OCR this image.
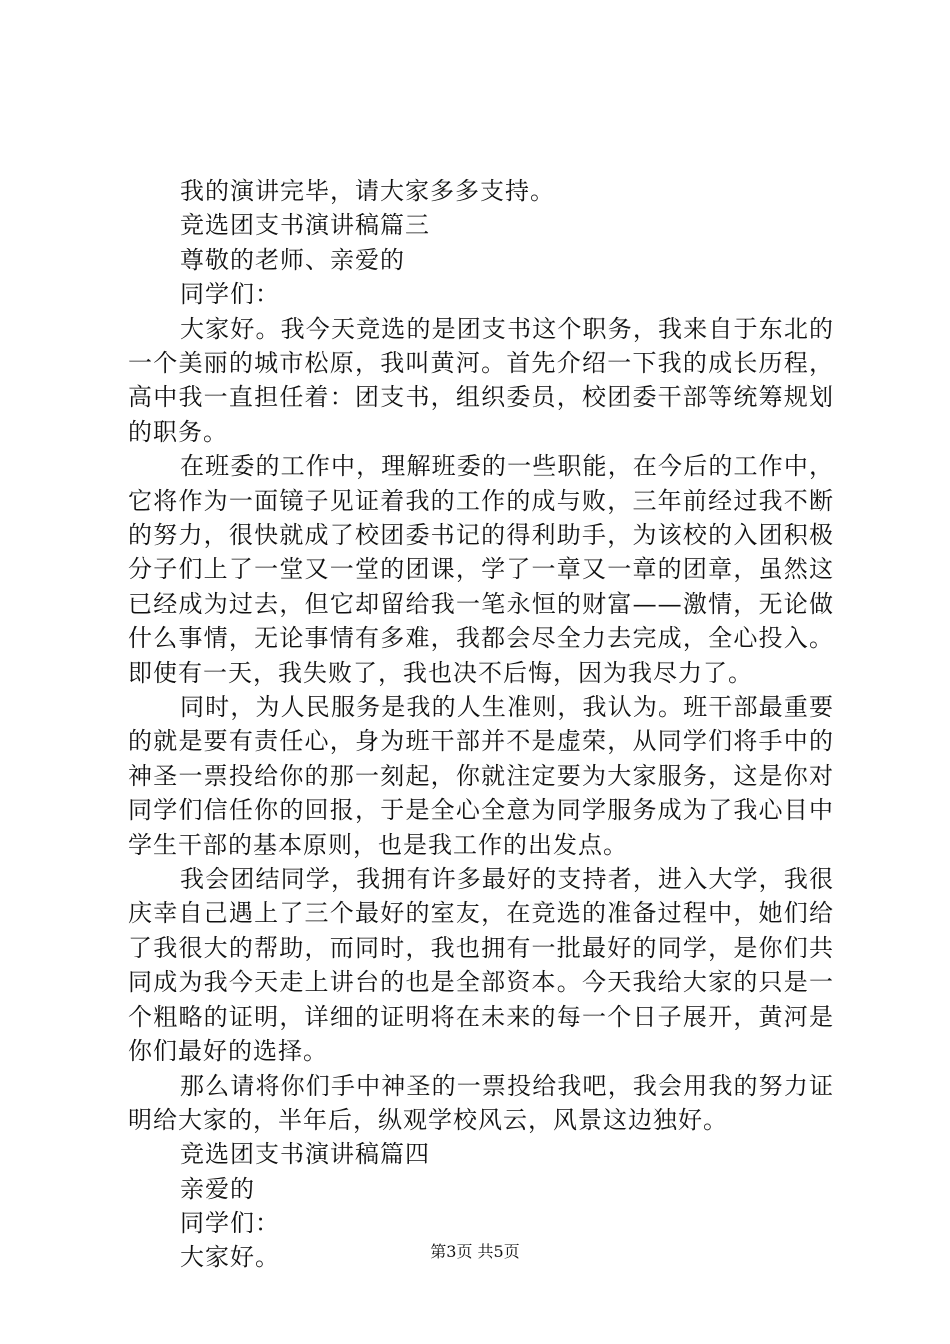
我的演讲完毕，请大家多多支持。
竞选团支书演讲稿篇三
尊敬的老师、亲爱的
同学们：
大家好。我今天竞选的是团支书这个职务，我来自于东北的一个美丽的城市松原，我叫黄河。首先介绍一下我的成长历程，高中我一直担任着：团支书，组织委员，校团委干部等统筹规划的职务。
在班委的工作中，理解班委的一些职能，在今后的工作中，它将作为一面镜子见证着我的工作的成与败，三年前经过我不断的努力，很快就成了校团委书记的得利助手，为该校的入团积极分子们上了一堂又一堂的团课，学了一章又一章的团章，虽然这已经成为过去，但它却留给我一笔永恒的财富——激情，无论做什么事情，无论事情有多难，我都会尽全力去完成，全心投入。即使有一天，我失败了，我也决不后悔，因为我尽力了。
同时，为人民服务是我的人生准则，我认为。班干部最重要的就是要有责任心，身为班干部并不是虚荣，从同学们将手中的神圣一票投给你的那一刻起，你就注定要为大家服务，这是你对同学们信任你的回报，于是全心全意为同学服务成为了我心目中学生干部的基本原则，也是我工作的出发点。
我会团结同学，我拥有许多最好的支持者，进入大学，我很庆幸自己遇上了三个最好的室友，在竞选的准备过程中，她们给了我很大的帮助，而同时，我也拥有一批最好的同学，是你们共同成为我今天走上讲台的也是全部资本。今天我给大家的只是一个粗略的证明，详细的证明将在未来的每一个日子展开，黄河是你们最好的选择。
那么请将你们手中神圣的一票投给我吧，我会用我的努力证明给大家的，半年后，纵观学校风云，风景这边独好。
竞选团支书演讲稿篇四
亲爱的
同学们：
大家好。	第3页 共5页
